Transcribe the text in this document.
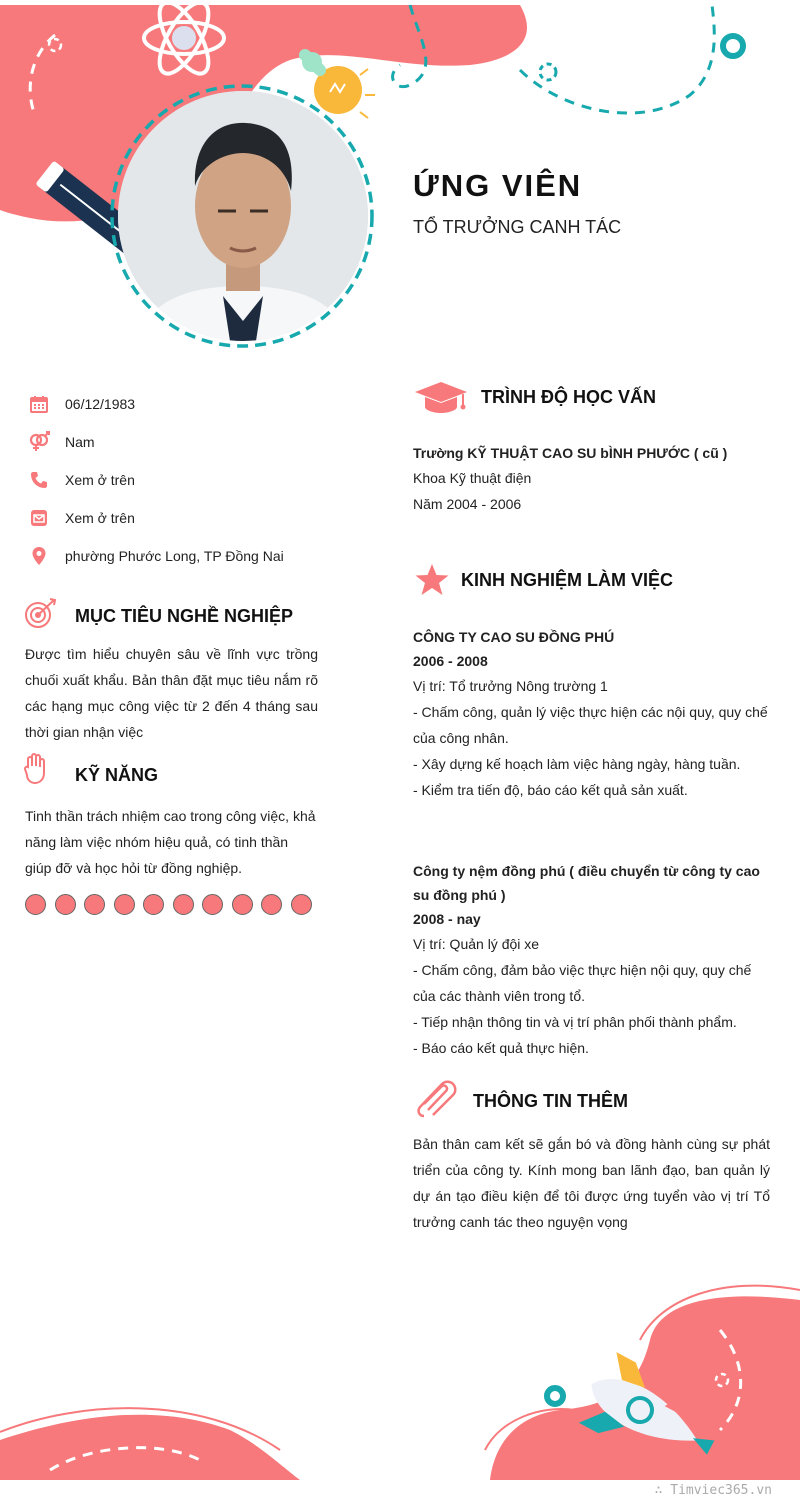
ỨNG VIÊN
TỔ TRƯỞNG CANH TÁC
06/12/1983
Nam
Xem ở trên
Xem ở trên
phường Phước Long, TP Đồng Nai
MỤC TIÊU NGHỀ NGHIỆP
Được tìm hiểu chuyên sâu về lĩnh vực trồng chuối xuất khẩu. Bản thân đặt mục tiêu nắm rõ các hạng mục công việc từ 2 đến 4 tháng sau thời gian nhận việc
KỸ NĂNG
Tinh thần trách nhiệm cao trong công việc, khả năng làm việc nhóm hiệu quả, có tinh thần giúp đỡ và học hỏi từ đồng nghiệp.
TRÌNH ĐỘ HỌC VẤN
Trường KỸ THUẬT CAO SU bÌNH PHƯỚC ( cũ )
Khoa Kỹ thuật điện
Năm 2004 - 2006
KINH NGHIỆM LÀM VIỆC
CÔNG TY CAO SU ĐỒNG PHÚ
2006 - 2008
Vị trí: Tổ trưởng Nông trường 1
- Chấm công, quản lý việc thực hiện các nội quy, quy chế của công nhân.
- Xây dựng kế hoạch làm việc hàng ngày, hàng tuần.
- Kiểm tra tiến độ, báo cáo kết quả sản xuất.
Công ty nệm đồng phú ( điều chuyển từ công ty cao su đồng phú )
2008 - nay
Vị trí: Quản lý đội xe
- Chấm công, đảm bảo việc thực hiện nội quy, quy chế của các thành viên trong tổ.
- Tiếp nhận thông tin và vị trí phân phối thành phẩm.
- Báo cáo kết quả thực hiện.
THÔNG TIN THÊM
Bản thân cam kết sẽ gắn bó và đồng hành cùng sự phát triển của công ty. Kính mong ban lãnh đạo, ban quản lý dự án tạo điều kiện để tôi được ứng tuyển vào vị trí Tổ trưởng canh tác theo nguyện vọng
∴ Timviec365.vn
